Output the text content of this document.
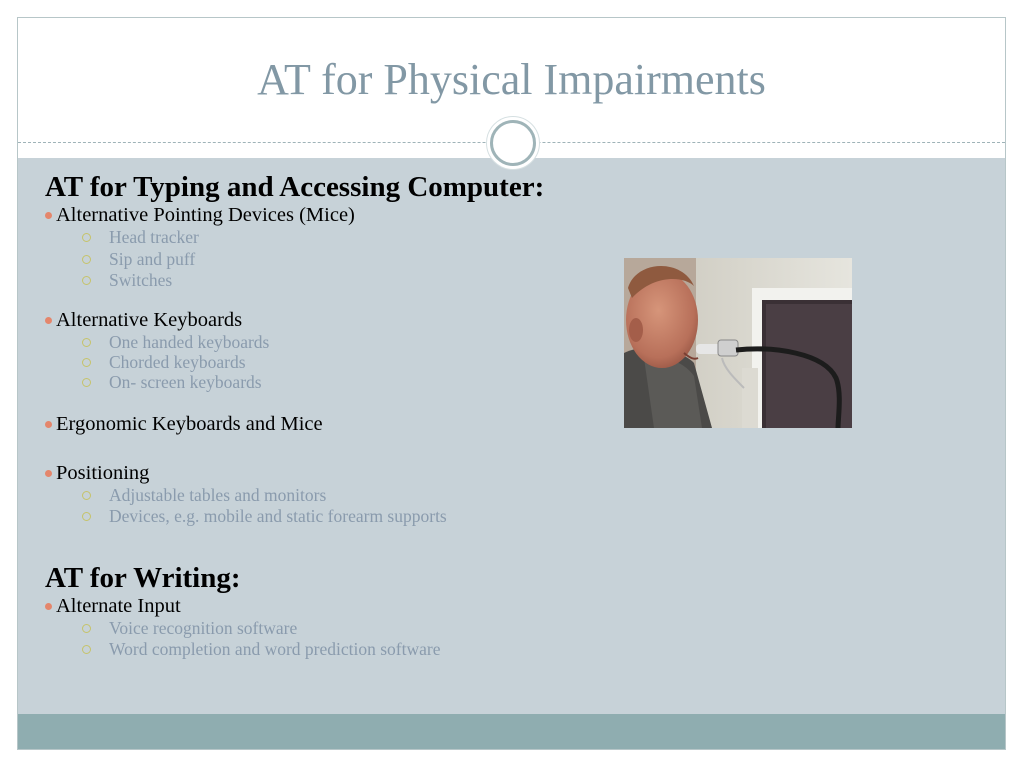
AT for Physical Impairments

AT for Typing and Accessing Computer:

Alternative Pointing Devices (Mice)

Head tracker

Sip and puff

Switches

Alternative Keyboards

One handed keyboards

Chorded keyboards

On- screen keyboards

Ergonomic Keyboards and Mice

Positioning

Adjustable tables and monitors

Devices, e.g. mobile and static forearm supports

AT for Writing:

Alternate Input

Voice recognition software

Word completion and word prediction software
